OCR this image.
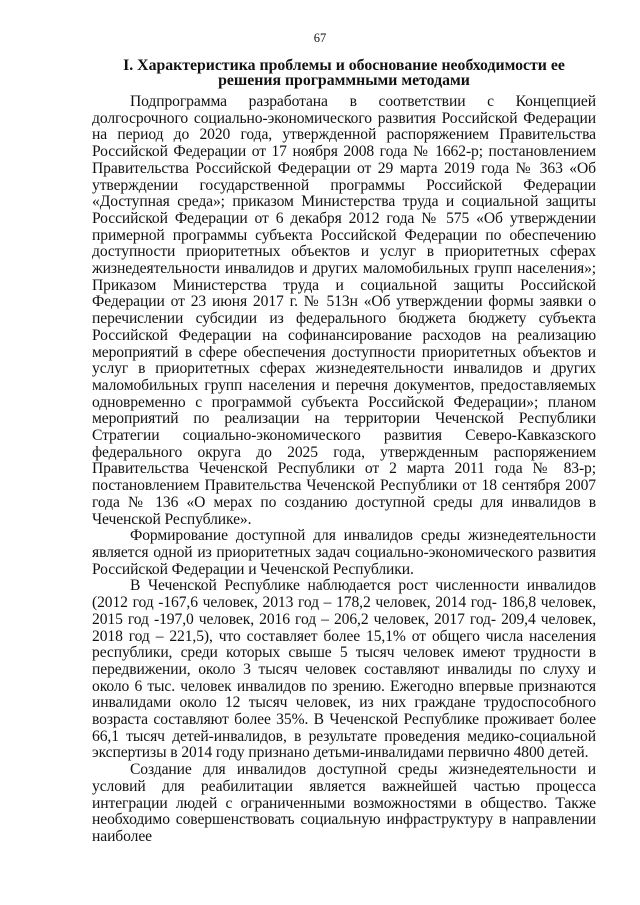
67
I. Характеристика проблемы и обоснование необходимости ее решения программными методами

Подпрограмма разработана в соответствии с Концепцией долгосрочного социально-экономического развития Российской Федерации на период до 2020 года, утвержденной распоряжением Правительства Российской Федерации от 17 ноября 2008 года № 1662-р; постановлением Правительства Российской Федерации от 29 марта 2019 года № 363 «Об утверждении государственной программы Российской Федерации «Доступная среда»; приказом Министерства труда и социальной защиты Российской Федерации от 6 декабря 2012 года № 575 «Об утверждении примерной программы субъекта Российской Федерации по обеспечению доступности приоритетных объектов и услуг в приоритетных сферах жизнедеятельности инвалидов и других маломобильных групп населения»; Приказом Министерства труда и социальной защиты Российской Федерации от 23 июня 2017 г. № 513н «Об утверждении формы заявки о перечислении субсидии из федерального бюджета бюджету субъекта Российской Федерации на софинансирование расходов на реализацию мероприятий в сфере обеспечения доступности приоритетных объектов и услуг в приоритетных сферах жизнедеятельности инвалидов и других маломобильных групп населения и перечня документов, предоставляемых одновременно с программой субъекта Российской Федерации»; планом мероприятий по реализации на территории Чеченской Республики Стратегии социально-экономического развития Северо-Кавказского федерального округа до 2025 года, утвержденным распоряжением Правительства Чеченской Республики от 2 марта 2011 года № 83-р; постановлением Правительства Чеченской Республики от 18 сентября 2007 года № 136 «О мерах по созданию доступной среды для инвалидов в Чеченской Республике».

Формирование доступной для инвалидов среды жизнедеятельности является одной из приоритетных задач социально-экономического развития Российской Федерации и Чеченской Республики.

В Чеченской Республике наблюдается рост численности инвалидов (2012 год -167,6 человек, 2013 год – 178,2 человек, 2014 год- 186,8 человек, 2015 год -197,0 человек, 2016 год – 206,2 человек, 2017 год- 209,4 человек, 2018 год – 221,5), что составляет более 15,1% от общего числа населения республики, среди которых свыше 5 тысяч человек имеют трудности в передвижении, около 3 тысяч человек составляют инвалиды по слуху и около 6 тыс. человек инвалидов по зрению. Ежегодно впервые признаются инвалидами около 12 тысяч человек, из них граждане трудоспособного возраста составляют более 35%. В Чеченской Республике проживает более 66,1 тысяч детей-инвалидов, в результате проведения медико-социальной экспертизы в 2014 году признано детьми-инвалидами первично 4800 детей.

Создание для инвалидов доступной среды жизнедеятельности и условий для реабилитации является важнейшей частью процесса интеграции людей с ограниченными возможностями в общество. Также необходимо совершенствовать социальную инфраструктуру в направлении наиболее
